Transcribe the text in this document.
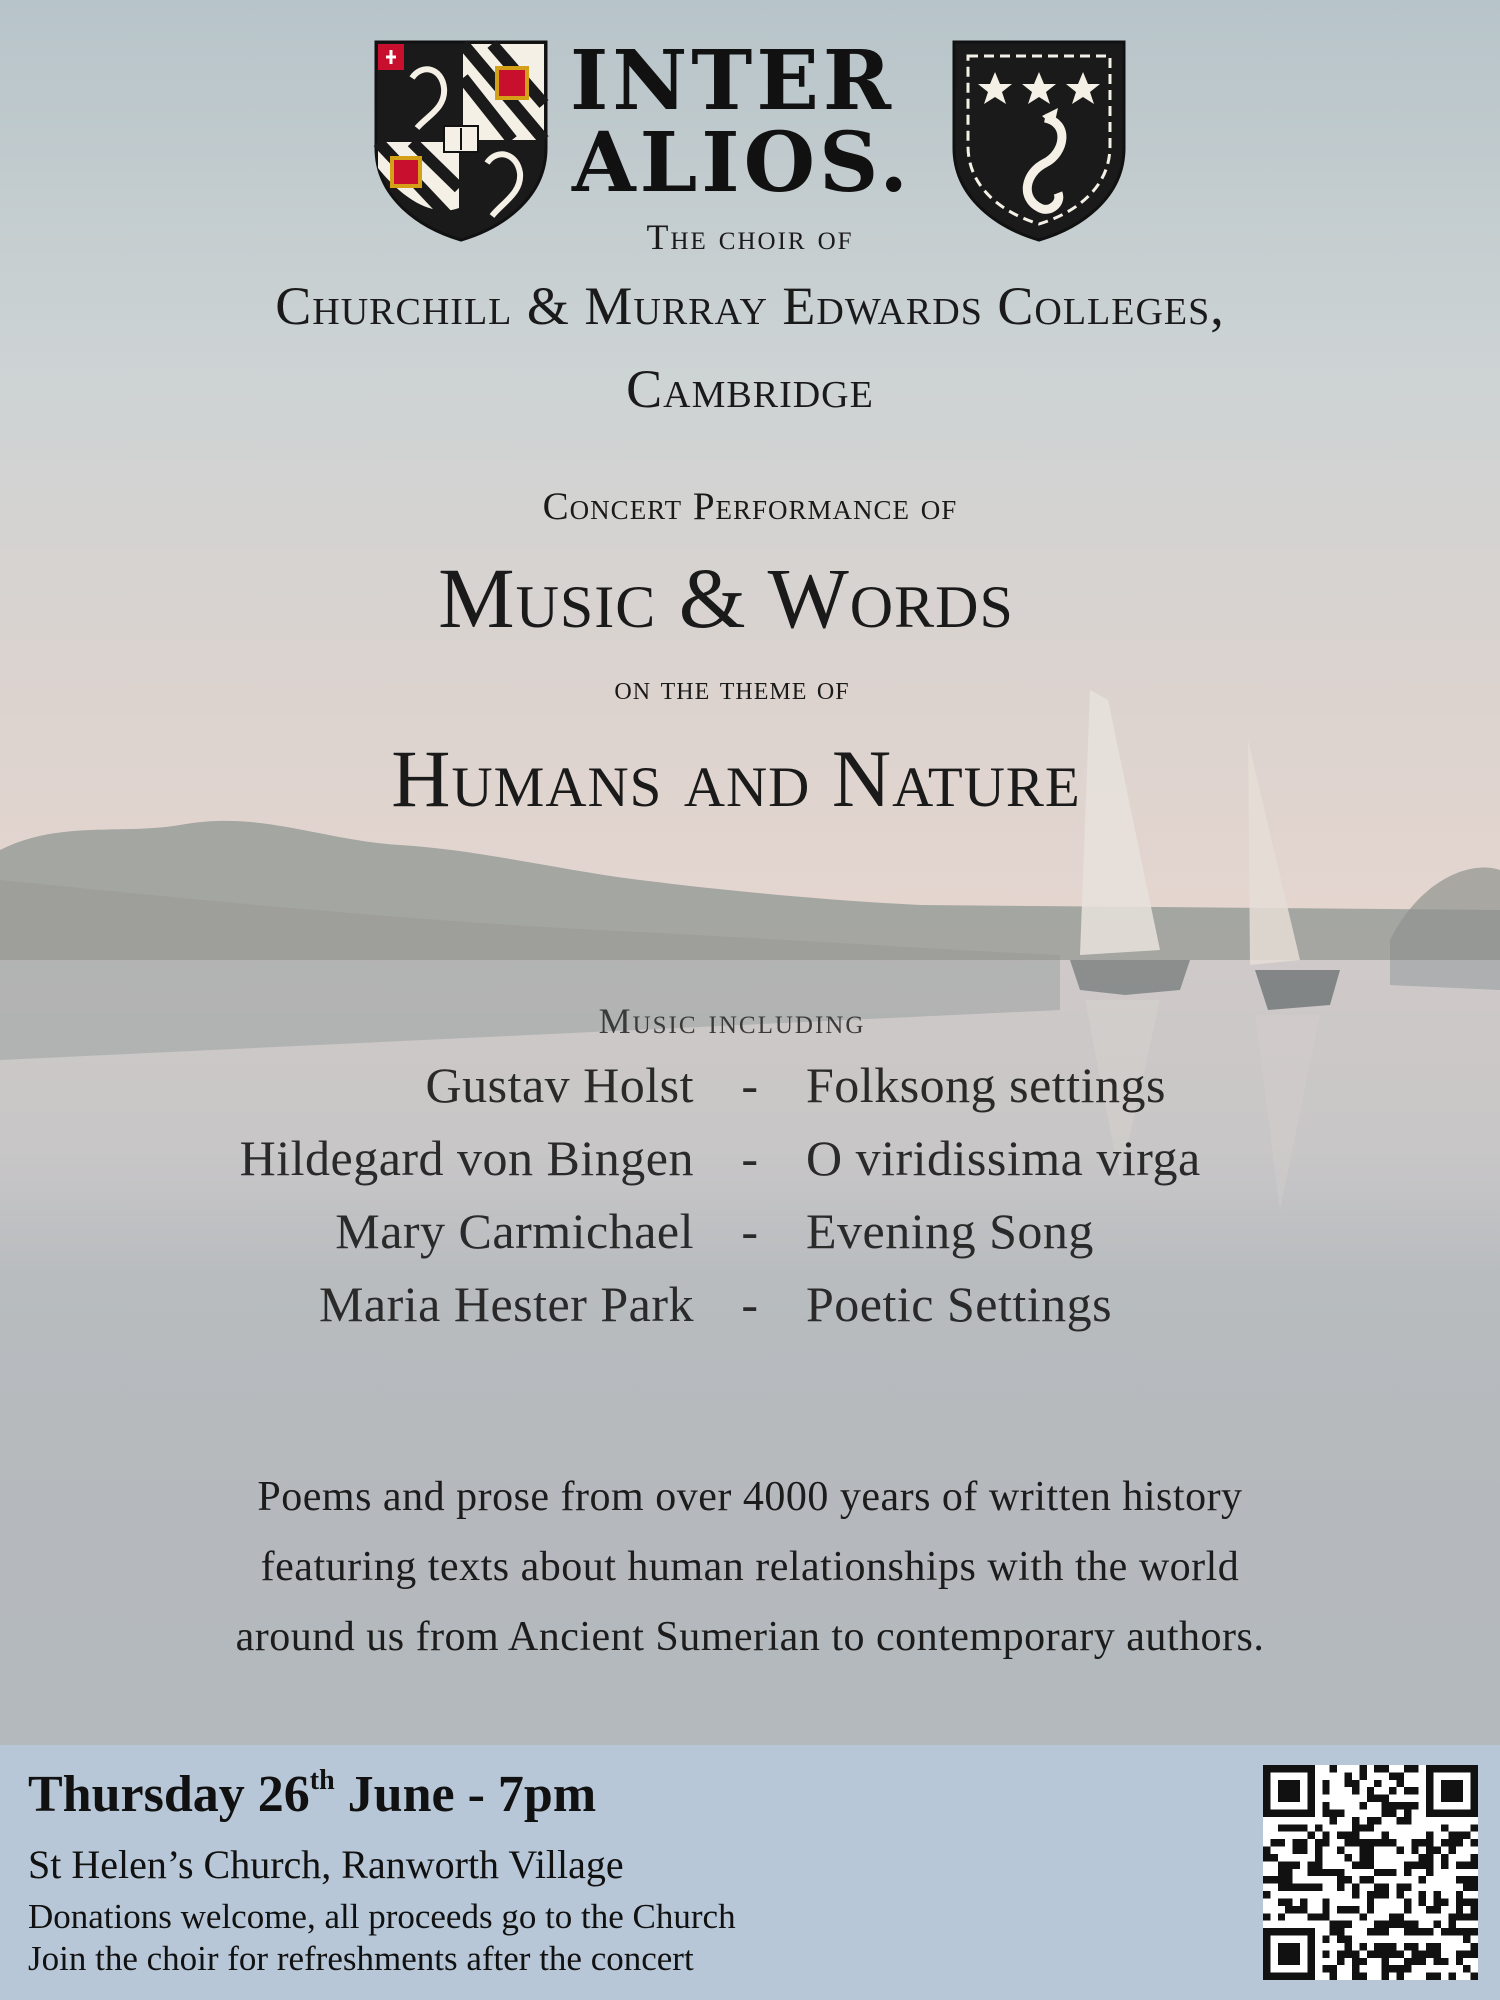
INTER
ALIOS.
The choir of
Churchill & Murray Edwards Colleges,
Cambridge
Concert Performance of
Music & Words
on the theme of
Humans and Nature
Music including
Gustav Holst - Folksong settings
Hildegard von Bingen - O viridissima virga
Mary Carmichael - Evening Song
Maria Hester Park - Poetic Settings
Poems and prose from over 4000 years of written history
featuring texts about human relationships with the world
around us from Ancient Sumerian to contemporary authors.
Thursday 26th June - 7pm
St Helen’s Church, Ranworth Village
Donations welcome, all proceeds go to the Church
Join the choir for refreshments after the concert
